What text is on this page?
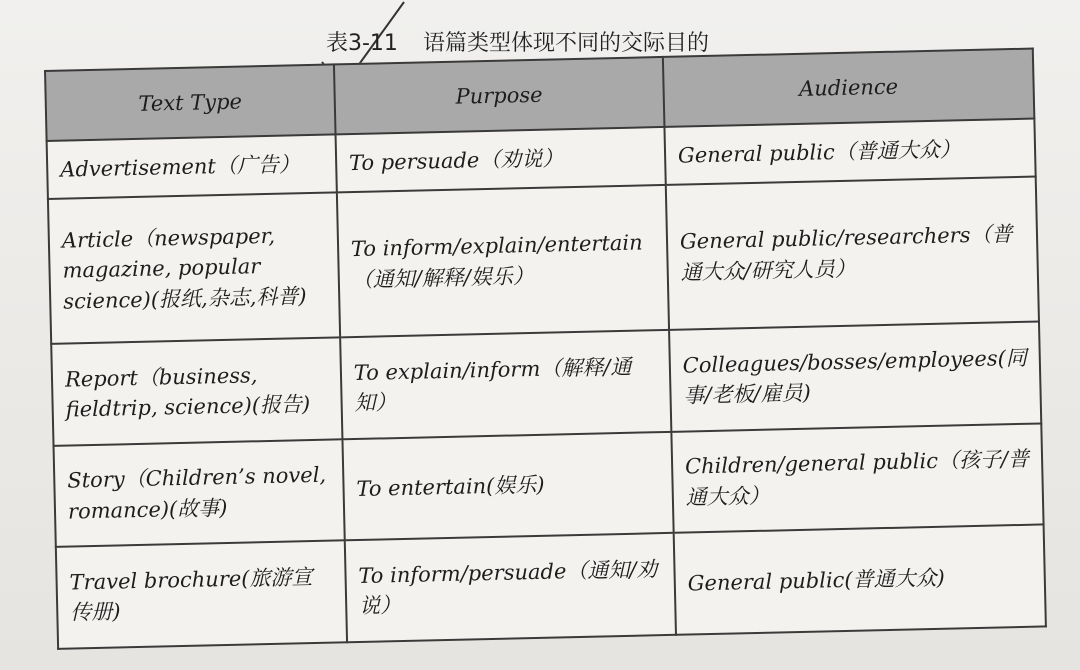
表3-11 语篇类型体现不同的交际目的
Text Type	Purpose	Audience
Advertisement（广告）	To persuade（劝说）	General public（普通大众）
Article（newspaper, magazine, popular science)(报纸,杂志,科普)	To inform/explain/entertain（通知/解释/娱乐）	General public/researchers（普通大众/研究人员）
Report（business, fieldtrip, science)(报告)	To explain/inform（解释/通知）	Colleagues/bosses/employees(同事/老板/雇员)
Story（Children’s novel, romance)(故事)	To entertain(娱乐)	Children/general public（孩子/普通大众）
Travel brochure(旅游宣传册)	To inform/persuade（通知/劝说）	General public(普通大众)
